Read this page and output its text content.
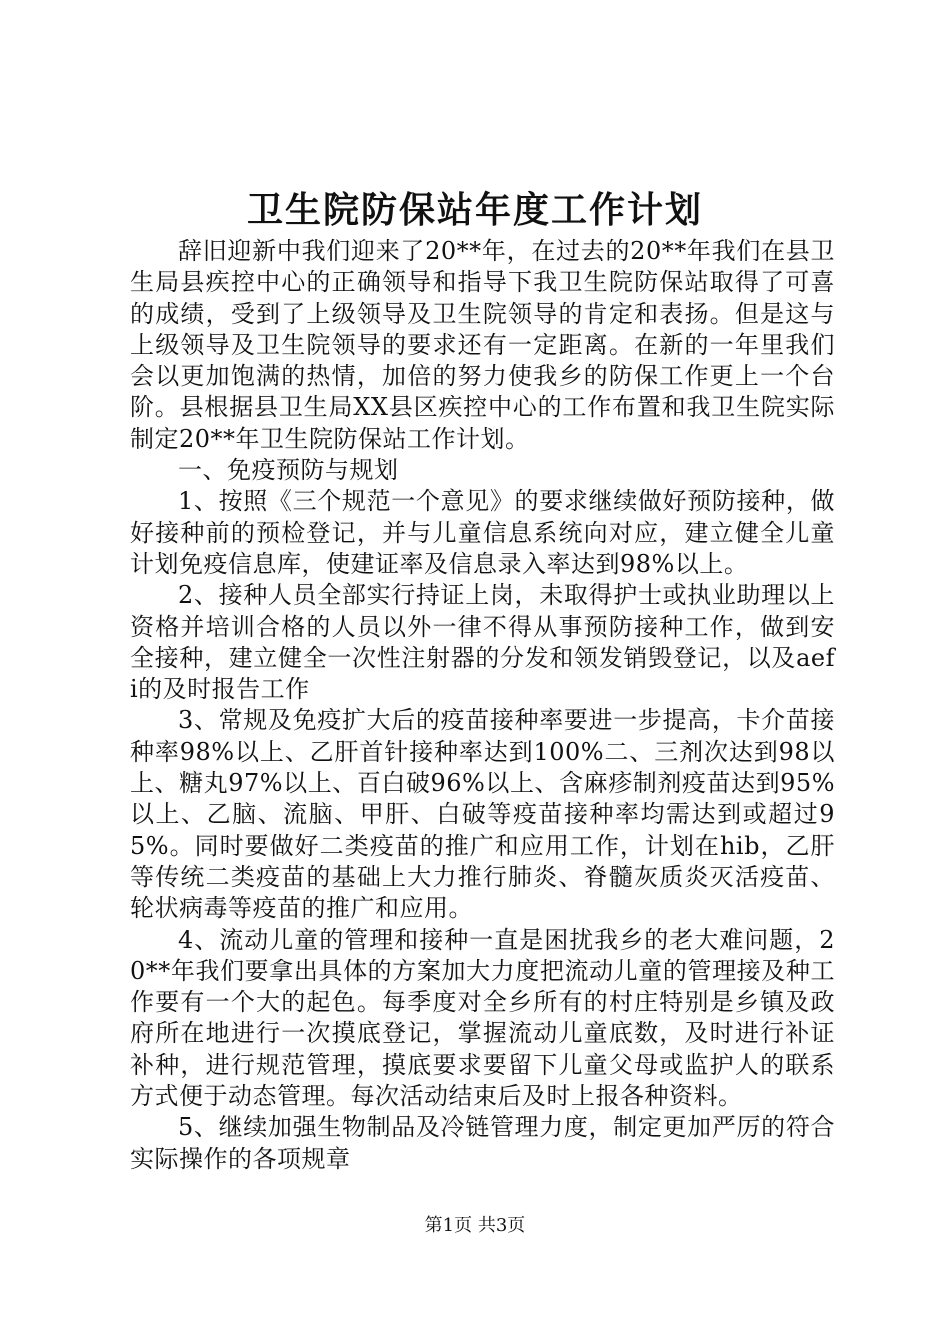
卫生院防保站年度工作计划

辞旧迎新中我们迎来了20**年，在过去的20**年我们在县卫生局县疾控中心的正确领导和指导下我卫生院防保站取得了可喜的成绩，受到了上级领导及卫生院领导的肯定和表扬。但是这与上级领导及卫生院领导的要求还有一定距离。在新的一年里我们会以更加饱满的热情，加倍的努力使我乡的防保工作更上一个台阶。县根据县卫生局XX县区疾控中心的工作布置和我卫生院实际制定20**年卫生院防保站工作计划。

一、免疫预防与规划

1、按照《三个规范一个意见》的要求继续做好预防接种，做好接种前的预检登记，并与儿童信息系统向对应，建立健全儿童计划免疫信息库，使建证率及信息录入率达到98%以上。

2、接种人员全部实行持证上岗，未取得护士或执业助理以上资格并培训合格的人员以外一律不得从事预防接种工作，做到安全接种，建立健全一次性注射器的分发和领发销毁登记，以及aefi的及时报告工作

3、常规及免疫扩大后的疫苗接种率要进一步提高，卡介苗接种率98%以上、乙肝首针接种率达到100%二、三剂次达到98以上、糖丸97%以上、百白破96%以上、含麻疹制剂疫苗达到95%以上、乙脑、流脑、甲肝、白破等疫苗接种率均需达到或超过95%。同时要做好二类疫苗的推广和应用工作，计划在hib，乙肝等传统二类疫苗的基础上大力推行肺炎、脊髓灰质炎灭活疫苗、轮状病毒等疫苗的推广和应用。

4、流动儿童的管理和接种一直是困扰我乡的老大难问题，20**年我们要拿出具体的方案加大力度把流动儿童的管理接及种工作要有一个大的起色。每季度对全乡所有的村庄特别是乡镇及政府所在地进行一次摸底登记，掌握流动儿童底数，及时进行补证补种，进行规范管理，摸底要求要留下儿童父母或监护人的联系方式便于动态管理。每次活动结束后及时上报各种资料。

5、继续加强生物制品及冷链管理力度，制定更加严厉的符合实际操作的各项规章

第1页 共3页
